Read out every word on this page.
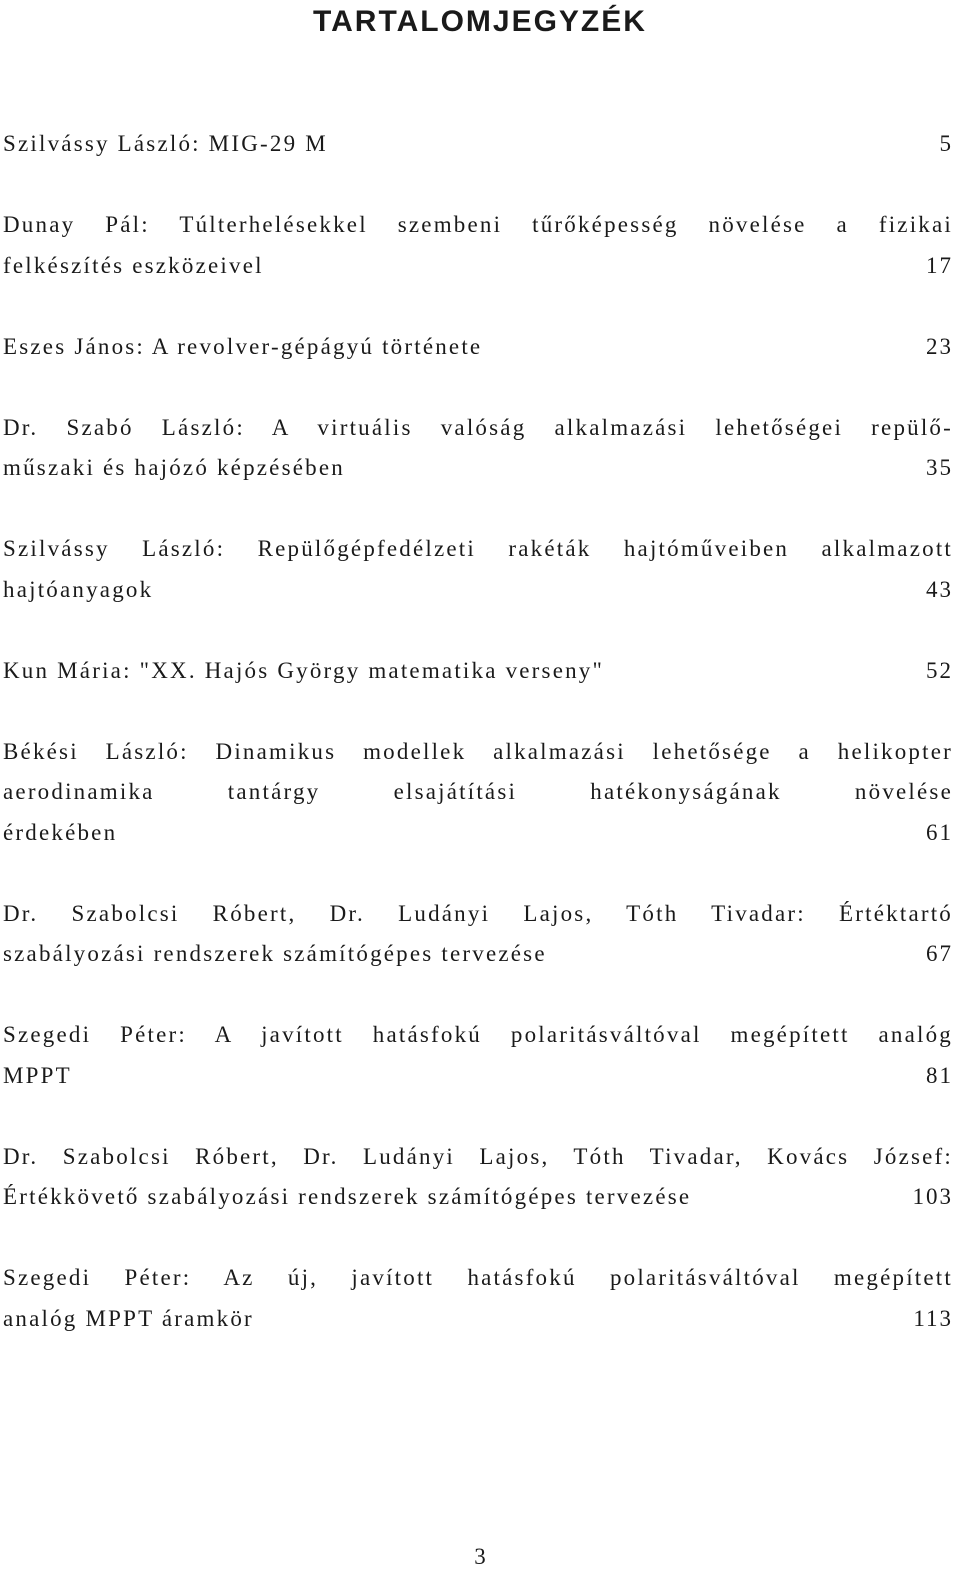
TARTALOMJEGYZÉK
Szilvássy László: MIG-29 M	5
Dunay Pál: Túlterhelésekkel szembeni tűrőképesség növelése a fizikai
felkészítés eszközeivel	17
Eszes János: A revolver-gépágyú története	23
Dr. Szabó László: A virtuális valóság alkalmazási lehetőségei repülő-
műszaki és hajózó képzésében	35
Szilvássy László: Repülőgépfedélzeti rakéták hajtóműveiben alkalmazott
hajtóanyagok	43
Kun Mária: "XX. Hajós György matematika verseny"	52
Békési László: Dinamikus modellek alkalmazási lehetősége a helikopter
aerodinamika tantárgy elsajátítási hatékonyságának növelése
érdekében	61
Dr. Szabolcsi Róbert, Dr. Ludányi Lajos, Tóth Tivadar: Értéktartó
szabályozási rendszerek számítógépes tervezése	67
Szegedi Péter: A javított hatásfokú polaritásváltóval megépített analóg
MPPT	81
Dr. Szabolcsi Róbert, Dr. Ludányi Lajos, Tóth Tivadar, Kovács József:
Értékkövető szabályozási rendszerek számítógépes tervezése	103
Szegedi Péter: Az új, javított hatásfokú polaritásváltóval megépített
analóg MPPT áramkör	113
3
